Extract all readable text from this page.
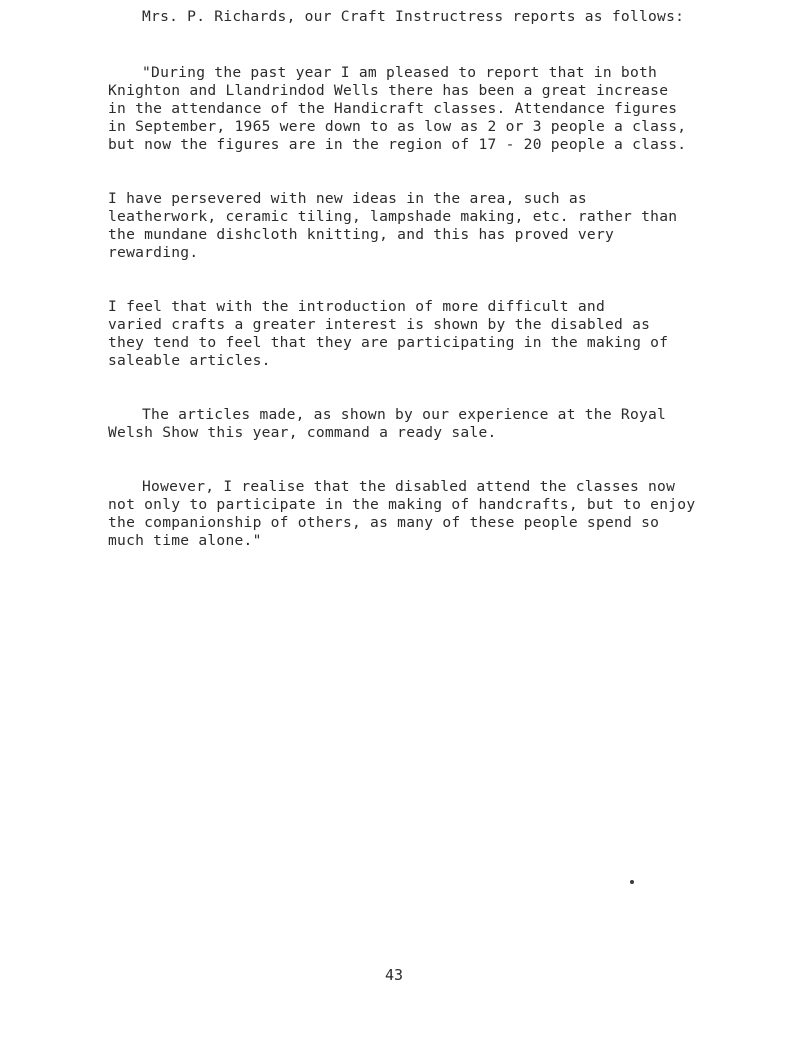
Mrs. P. Richards, our Craft Instructress reports as follows:
"During the past year I am pleased to report that in both
Knighton and Llandrindod Wells there has been a great increase
in the attendance of the Handicraft classes. Attendance figures
in September, 1965 were down to as low as 2 or 3 people a class,
but now the figures are in the region of 17 - 20 people a class.
I have persevered with new ideas in the area, such as
leatherwork, ceramic tiling, lampshade making, etc. rather than
the mundane dishcloth knitting, and this has proved very
rewarding.
I feel that with the introduction of more difficult and
varied crafts a greater interest is shown by the disabled as
they tend to feel that they are participating in the making of
saleable articles.
The articles made, as shown by our experience at the Royal
Welsh Show this year, command a ready sale.
However, I realise that the disabled attend the classes now
not only to participate in the making of handcrafts, but to enjoy
the companionship of others, as many of these people spend so
much time alone."
43
